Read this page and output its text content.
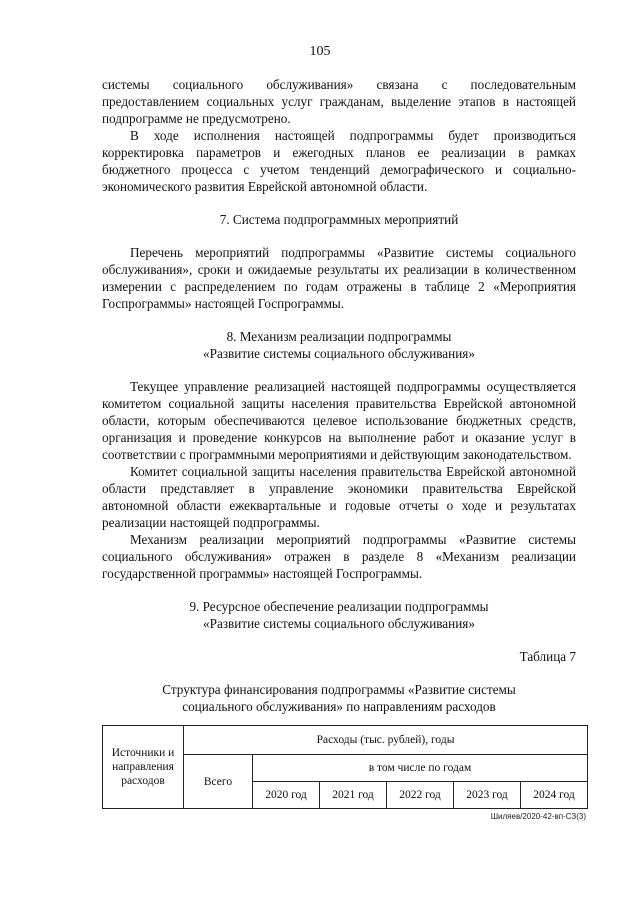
105

системы социального обслуживания» связана с последовательным предоставлением социальных услуг гражданам, выделение этапов в настоящей подпрограмме не предусмотрено.

В ходе исполнения настоящей подпрограммы будет производиться корректировка параметров и ежегодных планов ее реализации в рамках бюджетного процесса с учетом тенденций демографического и социально-экономического развития Еврейской автономной области.

7. Система подпрограммных мероприятий

Перечень мероприятий подпрограммы «Развитие системы социального обслуживания», сроки и ожидаемые результаты их реализации в количественном измерении с распределением по годам отражены в таблице 2 «Мероприятия Госпрограммы» настоящей Госпрограммы.

8. Механизм реализации подпрограммы
«Развитие системы социального обслуживания»

Текущее управление реализацией настоящей подпрограммы осуществляется комитетом социальной защиты населения правительства Еврейской автономной области, которым обеспечиваются целевое использование бюджетных средств, организация и проведение конкурсов на выполнение работ и оказание услуг в соответствии с программными мероприятиями и действующим законодательством.

Комитет социальной защиты населения правительства Еврейской автономной области представляет в управление экономики правительства Еврейской автономной области ежеквартальные и годовые отчеты о ходе и результатах реализации настоящей подпрограммы.

Механизм реализации мероприятий подпрограммы «Развитие системы социального обслуживания» отражен в разделе 8 «Механизм реализации государственной программы» настоящей Госпрограммы.

9. Ресурсное обеспечение реализации подпрограммы
«Развитие системы социального обслуживания»
Таблица 7
Структура финансирования подпрограммы «Развитие системы
социального обслуживания» по направлениям расходов
Источники и направления расходов	Расходы (тыс. рублей), годы					
	Всего	в том числе по годам				
		2020 год	2021 год	2022 год	2023 год	2024 год
Шиляев/2020-42-вп-СЗ(3)
